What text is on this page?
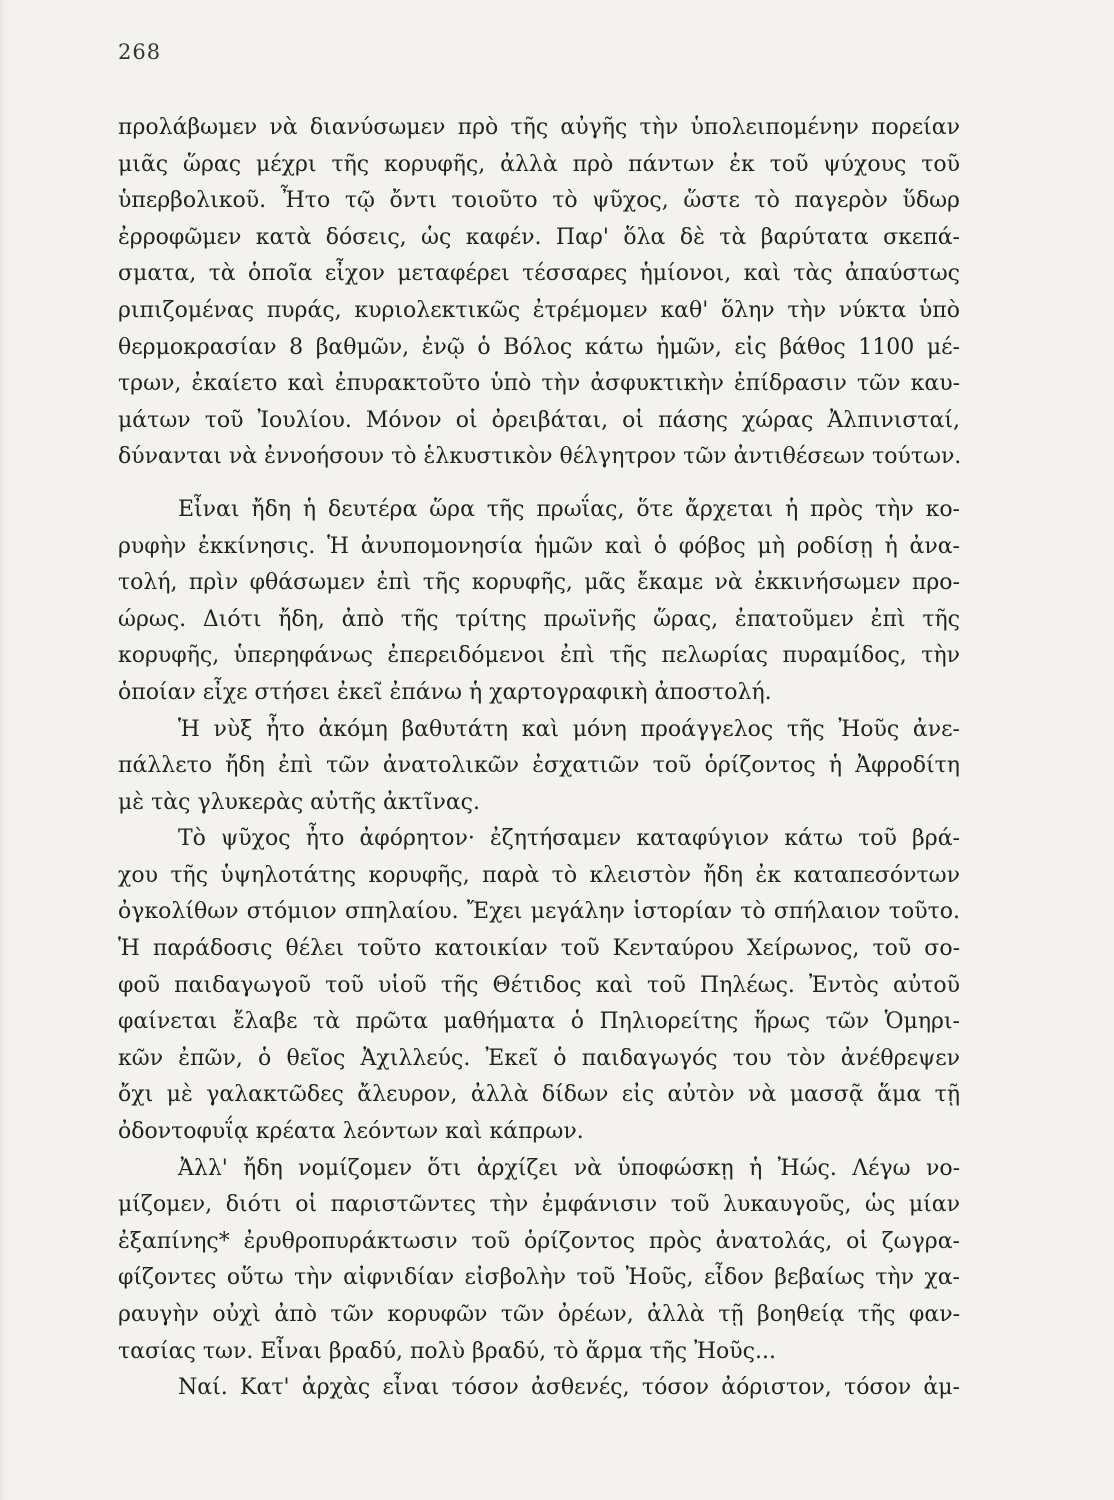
268
προλάβωμεν νὰ διανύσωμεν πρὸ τῆς αὐγῆς τὴν ὑπολειπομένην πορείαν
μιᾶς ὥρας μέχρι τῆς κορυφῆς, ἀλλὰ πρὸ πάντων ἐκ τοῦ ψύχους τοῦ
ὑπερβολικοῦ. Ἦτο τῷ ὄντι τοιοῦτο τὸ ψῦχος, ὥστε τὸ παγερὸν ὕδωρ
ἐρροφῶμεν κατὰ δόσεις, ὡς καφέν. Παρ' ὅλα δὲ τὰ βαρύτατα σκεπά-
σματα, τὰ ὁποῖα εἶχον μεταφέρει τέσσαρες ἡμίονοι, καὶ τὰς ἀπαύστως
ριπιζομένας πυράς, κυριολεκτικῶς ἐτρέμομεν καθ' ὅλην τὴν νύκτα ὑπὸ
θερμοκρασίαν 8 βαθμῶν, ἐνῷ ὁ Βόλος κάτω ἡμῶν, εἰς βάθος 1100 μέ-
τρων, ἐκαίετο καὶ ἐπυρακτοῦτο ὑπὸ τὴν ἀσφυκτικὴν ἐπίδρασιν τῶν καυ-
μάτων τοῦ Ἰουλίου. Μόνον οἱ ὀρειβάται, οἱ πάσης χώρας Ἀλπινισταί,
δύνανται νὰ ἐννοήσουν τὸ ἑλκυστικὸν θέλγητρον τῶν ἀντιθέσεων τούτων.
Εἶναι ἤδη ἡ δευτέρα ὥρα τῆς πρωΐας, ὅτε ἄρχεται ἡ πρὸς τὴν κο-
ρυφὴν ἐκκίνησις. Ἡ ἀνυπομονησία ἡμῶν καὶ ὁ φόβος μὴ ροδίσῃ ἡ ἀνα-
τολή, πρὶν φθάσωμεν ἐπὶ τῆς κορυφῆς, μᾶς ἔκαμε νὰ ἐκκινήσωμεν προ-
ώρως. Διότι ἤδη, ἀπὸ τῆς τρίτης πρωϊνῆς ὥρας, ἐπατοῦμεν ἐπὶ τῆς
κορυφῆς, ὑπερηφάνως ἐπερειδόμενοι ἐπὶ τῆς πελωρίας πυραμίδος, τὴν
ὁποίαν εἶχε στήσει ἐκεῖ ἐπάνω ἡ χαρτογραφικὴ ἀποστολή.
Ἡ νὺξ ἦτο ἀκόμη βαθυτάτη καὶ μόνη προάγγελος τῆς Ἠοῦς ἀνε-
πάλλετο ἤδη ἐπὶ τῶν ἀνατολικῶν ἐσχατιῶν τοῦ ὁρίζοντος ἡ Ἀφροδίτη
μὲ τὰς γλυκερὰς αὐτῆς ἀκτῖνας.
Τὸ ψῦχος ἦτο ἀφόρητον· ἐζητήσαμεν καταφύγιον κάτω τοῦ βρά-
χου τῆς ὑψηλοτάτης κορυφῆς, παρὰ τὸ κλειστὸν ἤδη ἐκ καταπεσόντων
ὀγκολίθων στόμιον σπηλαίου. Ἔχει μεγάλην ἱστορίαν τὸ σπήλαιον τοῦτο.
Ἡ παράδοσις θέλει τοῦτο κατοικίαν τοῦ Κενταύρου Χείρωνος, τοῦ σο-
φοῦ παιδαγωγοῦ τοῦ υἱοῦ τῆς Θέτιδος καὶ τοῦ Πηλέως. Ἐντὸς αὐτοῦ
φαίνεται ἔλαβε τὰ πρῶτα μαθήματα ὁ Πηλιορείτης ἥρως τῶν Ὁμηρι-
κῶν ἐπῶν, ὁ θεῖος Ἀχιλλεύς. Ἐκεῖ ὁ παιδαγωγός του τὸν ἀνέθρεψεν
ὄχι μὲ γαλακτῶδες ἄλευρον, ἀλλὰ δίδων εἰς αὐτὸν νὰ μασσᾷ ἅμα τῇ
ὀδοντοφυΐᾳ κρέατα λεόντων καὶ κάπρων.
Ἀλλ' ἤδη νομίζομεν ὅτι ἀρχίζει νὰ ὑποφώσκῃ ἡ Ἠώς. Λέγω νο-
μίζομεν, διότι οἱ παριστῶντες τὴν ἐμφάνισιν τοῦ λυκαυγοῦς, ὡς μίαν
ἐξαπίνης* ἐρυθροπυράκτωσιν τοῦ ὁρίζοντος πρὸς ἀνατολάς, οἱ ζωγρα-
φίζοντες οὕτω τὴν αἰφνιδίαν εἰσβολὴν τοῦ Ἠοῦς, εἶδον βεβαίως τὴν χα-
ραυγὴν οὐχὶ ἀπὸ τῶν κορυφῶν τῶν ὀρέων, ἀλλὰ τῇ βοηθείᾳ τῆς φαν-
τασίας των. Εἶναι βραδύ, πολὺ βραδύ, τὸ ἅρμα τῆς Ἠοῦς...
Ναί. Κατ' ἀρχὰς εἶναι τόσον ἀσθενές, τόσον ἀόριστον, τόσον ἀμ-
